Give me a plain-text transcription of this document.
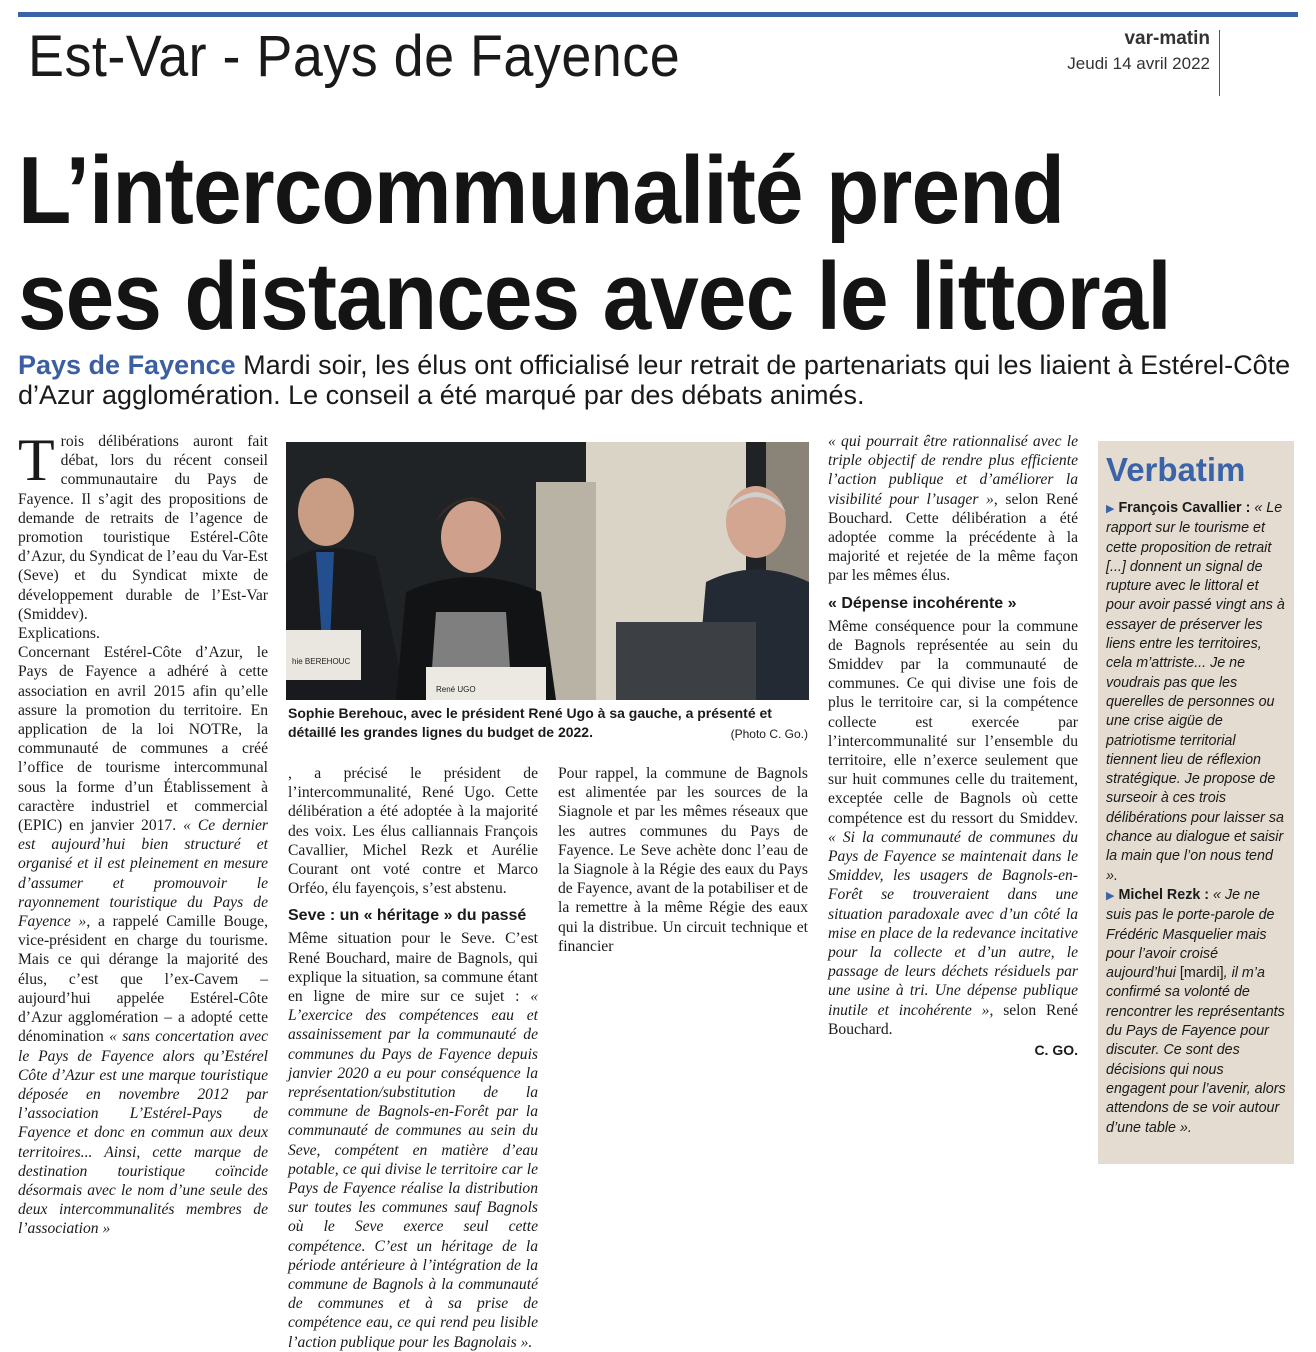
Est-Var - Pays de Fayence	var-matin
Jeudi 14 avril 2022
L’intercommunalité prend
ses distances avec le littoral
Pays de Fayence Mardi soir, les élus ont officialisé leur retrait de partenariats qui les liaient à Estérel-Côte d’Azur agglomération. Le conseil a été marqué par des débats animés.

Trois délibérations auront fait débat, lors du récent conseil communautaire du Pays de Fayence. Il s’agit des propositions de demande de retraits de l’agence de promotion touristique Estérel-Côte d’Azur, du Syndicat de l’eau du Var-Est (Seve) et du Syndicat mixte de développement durable de l’Est-Var (Smiddev).

Explications.

Concernant Estérel-Côte d’Azur, le Pays de Fayence a adhéré à cette association en avril 2015 afin qu’elle assure la promotion du territoire. En application de la loi NOTRe, la communauté de communes a créé l’office de tourisme intercommunal sous la forme d’un Établissement à caractère industriel et commercial (EPIC) en janvier 2017. « Ce dernier est aujourd’hui bien structuré et organisé et il est pleinement en mesure d’assumer et promouvoir le rayonnement touristique du Pays de Fayence », a rappelé Camille Bouge, vice-président en charge du tourisme. Mais ce qui dérange la majorité des élus, c’est que l’ex-Cavem – aujourd’hui appelée Estérel-Côte d’Azur agglomération – a adopté cette dénomination « sans concertation avec le Pays de Fayence alors qu’Estérel Côte d’Azur est une marque touristique déposée en novembre 2012 par l’association L’Estérel-Pays de Fayence et donc en commun aux deux territoires... Ainsi, cette marque de destination touristique coïncide désormais avec le nom d’une seule des deux intercommunalités membres de l’association »

hie BEREHOUC
René UGO
Sophie Berehouc, avec le président René Ugo à sa gauche, a présenté et détaillé les grandes lignes du budget de 2022.	(Photo C. Go.)

, a précisé le président de l’intercommunalité, René Ugo. Cette délibération a été adoptée à la majorité des voix. Les élus calliannais François Cavallier, Michel Rezk et Aurélie Courant ont voté contre et Marco Orféo, élu fayençois, s’est abstenu.

Seve : un « héritage » du passé

Même situation pour le Seve. C’est René Bouchard, maire de Bagnols, qui explique la situation, sa commune étant en ligne de mire sur ce sujet : « L’exercice des compétences eau et assainissement par la communauté de communes du Pays de Fayence depuis janvier 2020 a eu pour conséquence la représentation/substitution de la commune de Bagnols-en-Forêt par la communauté de communes au sein du Seve, compétent en matière d’eau potable, ce qui divise le territoire car le Pays de Fayence réalise la distribution sur toutes les communes sauf Bagnols où le Seve exerce seul cette compétence. C’est un héritage de la période antérieure à l’intégration de la commune de Bagnols à la communauté de communes et à sa prise de compétence eau, ce qui rend peu lisible l’action publique pour les Bagnolais ».

Pour rappel, la commune de Bagnols est alimentée par les sources de la Siagnole et par les mêmes réseaux que les autres communes du Pays de Fayence. Le Seve achète donc l’eau de la Siagnole à la Régie des eaux du Pays de Fayence, avant de la potabiliser et de la remettre à la même Régie des eaux qui la distribue. Un circuit technique et financier

« qui pourrait être rationnalisé avec le triple objectif de rendre plus efficiente l’action publique et d’améliorer la visibilité pour l’usager », selon René Bouchard. Cette délibération a été adoptée comme la précédente à la majorité et rejetée de la même façon par les mêmes élus.

« Dépense incohérente »

Même conséquence pour la commune de Bagnols représentée au sein du Smiddev par la communauté de communes. Ce qui divise une fois de plus le territoire car, si la compétence collecte est exercée par l’intercommunalité sur l’ensemble du territoire, elle n’exerce seulement que sur huit communes celle du traitement, exceptée celle de Bagnols où cette compétence est du ressort du Smiddev. « Si la communauté de communes du Pays de Fayence se maintenait dans le Smiddev, les usagers de Bagnols-en-Forêt se trouveraient dans une situation paradoxale avec d’un côté la mise en place de la redevance incitative pour la collecte et d’un autre, le passage de leurs déchets résiduels par une usine à tri. Une dépense publique inutile et incohérente », selon René Bouchard.

C. GO.
Verbatim
▶ François Cavallier : « Le rapport sur le tourisme et cette proposition de retrait [...] donnent un signal de rupture avec le littoral et pour avoir passé vingt ans à essayer de préserver les liens entre les territoires, cela m’attriste... Je ne voudrais pas que les querelles de personnes ou une crise aigüe de patriotisme territorial tiennent lieu de réflexion stratégique. Je propose de surseoir à ces trois délibérations pour laisser sa chance au dialogue et saisir la main que l’on nous tend ».
▶ Michel Rezk : « Je ne suis pas le porte-parole de Frédéric Masquelier mais pour l’avoir croisé aujourd’hui [mardi], il m’a confirmé sa volonté de rencontrer les représentants du Pays de Fayence pour discuter. Ce sont des décisions qui nous engagent pour l’avenir, alors attendons de se voir autour d’une table ».
